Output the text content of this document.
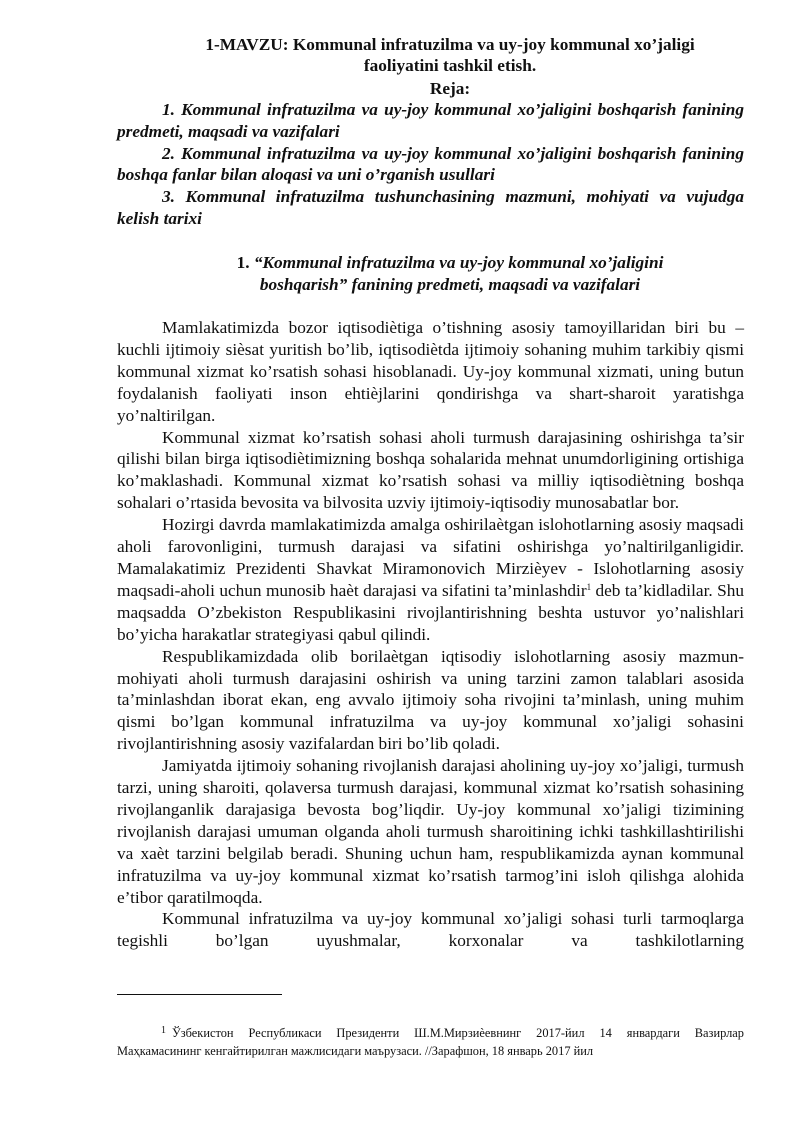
1-MAVZU: Kommunal infratuzilma va uy-joy kommunal xo’jaligi
faoliyatini tashkil etish.
Reja:
1. Kommunal infratuzilma va uy-joy kommunal xo’jaligini boshqarish fanining predmeti, maqsadi va vazifalari
2. Kommunal infratuzilma va uy-joy kommunal xo’jaligini boshqarish fanining boshqa fanlar bilan aloqasi va uni o’rganish usullari
3. Kommunal infratuzilma tushunchasining mazmuni, mohiyati va vujudga kelish tarixi
1. “Kommunal infratuzilma va uy-joy kommunal xo’jaligini
boshqarish” fanining predmeti, maqsadi va vazifalari

Mamlakatimizda bozor iqtisodiètiga o’tishning asosiy tamoyillaridan biri bu – kuchli ijtimoiy sièsat yuritish bo’lib, iqtisodiètda ijtimoiy sohaning muhim tarkibiy qismi kommunal xizmat ko’rsatish sohasi hisoblanadi. Uy-joy kommunal xizmati, uning butun foydalanish faoliyati inson ehtièjlarini qondirishga va shart-sharoit yaratishga yo’naltirilgan.

Kommunal xizmat ko’rsatish sohasi aholi turmush darajasining oshirishga ta’sir qilishi bilan birga iqtisodiètimizning boshqa sohalarida mehnat unumdorligining ortishiga ko’maklashadi. Kommunal xizmat ko’rsatish sohasi va milliy iqtisodiètning boshqa sohalari o’rtasida bevosita va bilvosita uzviy ijtimoiy-iqtisodiy munosabatlar bor.

Hozirgi davrda mamlakatimizda amalga oshirilaètgan islohotlarning asosiy maqsadi aholi farovonligini, turmush darajasi va sifatini oshirishga yo’naltirilganligidir. Mamalakatimiz Prezidenti Shavkat Miramonovich Mirzièyev - Islohotlarning asosiy maqsadi-aholi uchun munosib haèt darajasi va sifatini ta’minlashdir$^1$ deb ta’kidladilar. Shu maqsadda O’zbekiston Respublikasini rivojlantirishning beshta ustuvor yo’nalishlari bo’yicha harakatlar strategiyasi qabul qilindi.

Respublikamizdada olib borilaètgan iqtisodiy islohotlarning asosiy mazmun-mohiyati aholi turmush darajasini oshirish va uning tarzini zamon talablari asosida ta’minlashdan iborat ekan, eng avvalo ijtimoiy soha rivojini ta’minlash, uning muhim qismi bo’lgan kommunal infratuzilma va uy-joy kommunal xo’jaligi sohasini rivojlantirishning asosiy vazifalardan biri bo’lib qoladi.

Jamiyatda ijtimoiy sohaning rivojlanish darajasi aholining uy-joy xo’jaligi, turmush tarzi, uning sharoiti, qolaversa turmush darajasi, kommunal xizmat ko’rsatish sohasining rivojlanganlik darajasiga bevosta bog’liqdir. Uy-joy kommunal xo’jaligi tizimining rivojlanish darajasi umuman olganda aholi turmush sharoitining ichki tashkillashtirilishi va xaèt tarzini belgilab beradi. Shuning uchun ham, respublikamizda aynan kommunal infratuzilma va uy-joy kommunal xizmat ko’rsatish tarmog’ini isloh qilishga alohida e’tibor qaratilmoqda.

Kommunal infratuzilma va uy-joy kommunal xo’jaligi sohasi turli tarmoqlarga tegishli bo’lgan uyushmalar, korxonalar va tashkilotlarning

$^1$ Ўзбекистон Республикаси Президенти Ш.М.Мирзиѐевнинг 2017-йил 14 январдаги Вазирлар Маҳкамасининг кенгайтирилган мажлисидаги маърузаси. //Зарафшон, 18 январь 2017 йил
